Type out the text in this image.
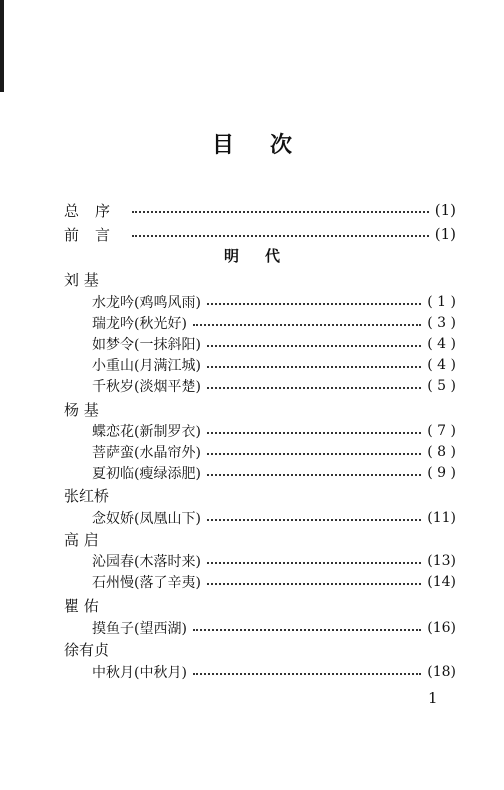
目次
总序	(1)
前言	(1)
明代
刘 基
水龙吟(鸡鸣风雨)	( 1 )
瑞龙吟(秋光好)	( 3 )
如梦令(一抹斜阳)	( 4 )
小重山(月满江城)	( 4 )
千秋岁(淡烟平楚)	( 5 )
杨 基
蝶恋花(新制罗衣)	( 7 )
菩萨蛮(水晶帘外)	( 8 )
夏初临(瘦绿添肥)	( 9 )
张红桥
念奴娇(凤凰山下)	(11)
高 启
沁园春(木落时来)	(13)
石州慢(落了辛夷)	(14)
瞿 佑
摸鱼子(望西湖)	(16)
徐有贞
中秋月(中秋月)	(18)
1
